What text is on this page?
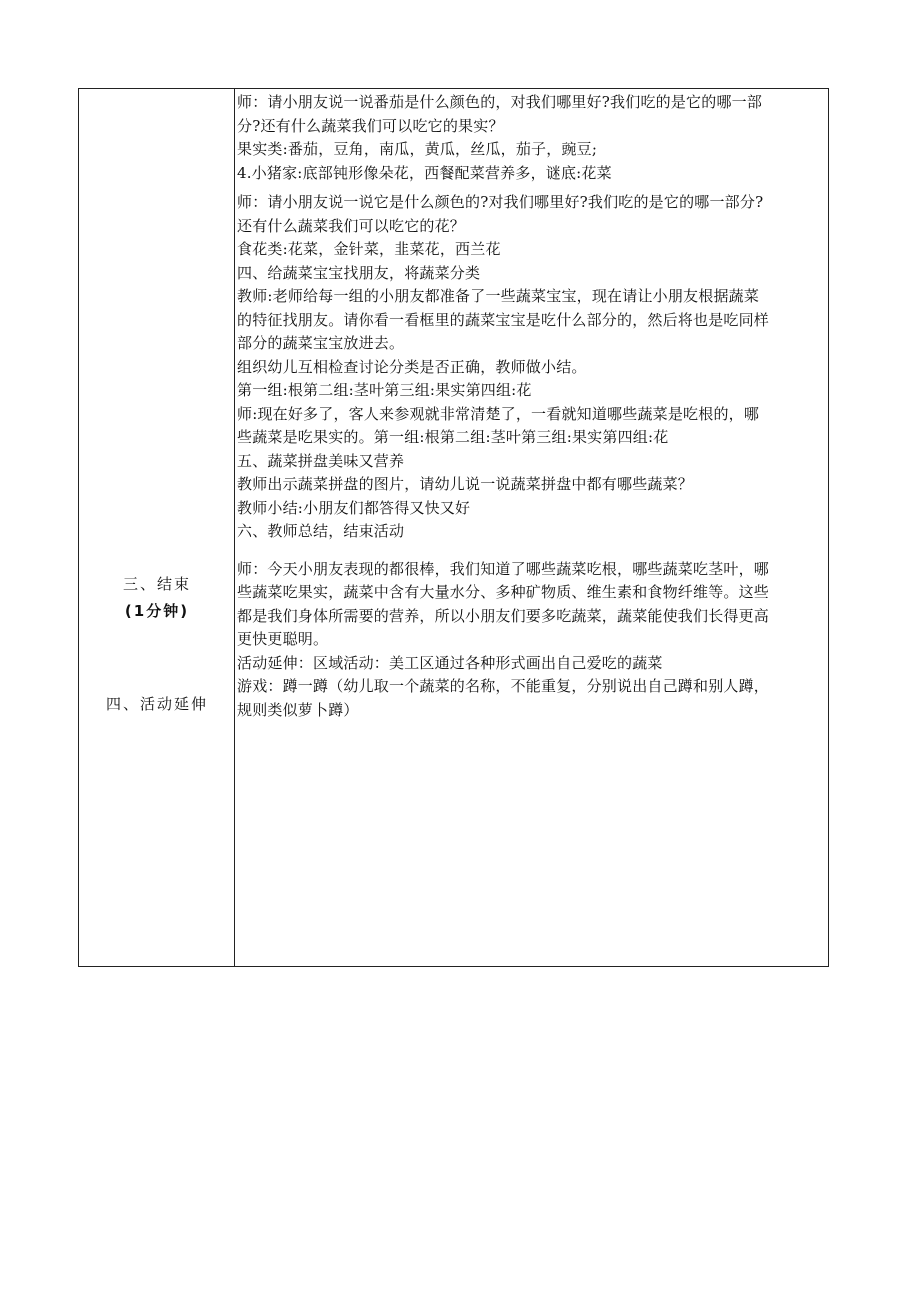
三、结束
(1分钟)
四、活动延伸
师：请小朋友说一说番茄是什么颜色的，对我们哪里好?我们吃的是它的哪一部
分?还有什么蔬菜我们可以吃它的果实？
果实类:番茄，豆角，南瓜，黄瓜，丝瓜，茄子，豌豆;
4.小猪家:底部钝形像朵花，西餐配菜营养多，谜底:花菜
师：请小朋友说一说它是什么颜色的?对我们哪里好?我们吃的是它的哪一部分?
还有什么蔬菜我们可以吃它的花？
食花类:花菜，金针菜，韭菜花，西兰花
四、给蔬菜宝宝找朋友，将蔬菜分类
教师:老师给每一组的小朋友都准备了一些蔬菜宝宝，现在请让小朋友根据蔬菜
的特征找朋友。请你看一看框里的蔬菜宝宝是吃什么部分的，然后将也是吃同样
部分的蔬菜宝宝放进去。
组织幼儿互相检查讨论分类是否正确，教师做小结。
第一组:根第二组:茎叶第三组:果实第四组:花
师:现在好多了，客人来参观就非常清楚了，一看就知道哪些蔬菜是吃根的，哪
些蔬菜是吃果实的。第一组:根第二组:茎叶第三组:果实第四组:花
五、蔬菜拼盘美味又营养
教师出示蔬菜拼盘的图片，请幼儿说一说蔬菜拼盘中都有哪些蔬菜？
教师小结:小朋友们都答得又快又好
六、教师总结，结束活动
师：今天小朋友表现的都很棒，我们知道了哪些蔬菜吃根，哪些蔬菜吃茎叶，哪
些蔬菜吃果实，蔬菜中含有大量水分、多种矿物质、维生素和食物纤维等。这些
都是我们身体所需要的营养，所以小朋友们要多吃蔬菜，蔬菜能使我们长得更高
更快更聪明。
活动延伸：区域活动：美工区通过各种形式画出自己爱吃的蔬菜
游戏：蹲一蹲（幼儿取一个蔬菜的名称，不能重复，分别说出自己蹲和别人蹲，
规则类似萝卜蹲）
